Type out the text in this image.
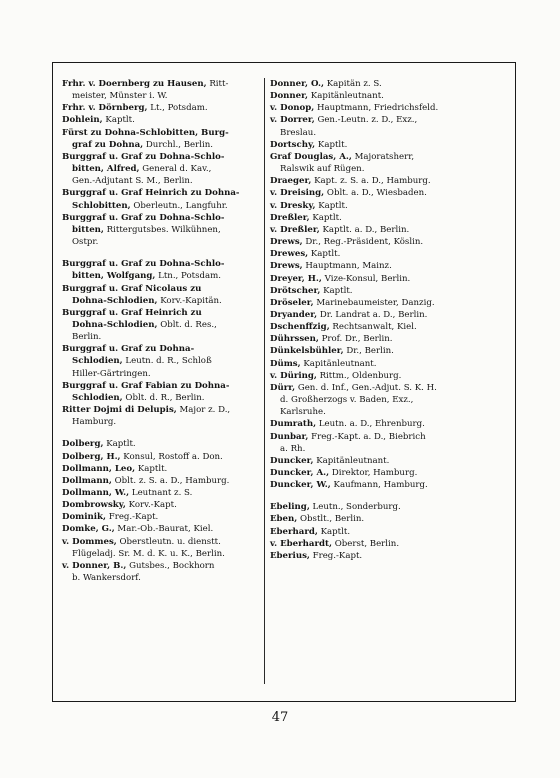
Frhr. v. Doernberg zu Hausen, Ritt-
meister, Münster i. W.
Frhr. v. Dörnberg, Lt., Potsdam.
Dohlein, Kaptlt.
Fürst zu Dohna-Schlobitten, Burg-
graf zu Dohna, Durchl., Berlin.
Burggraf u. Graf zu Dohna-Schlo-
bitten, Alfred, General d. Kav.,
Gen.-Adjutant S. M., Berlin.
Burggraf u. Graf Heinrich zu Dohna-
Schlobitten, Oberleutn., Langfuhr.
Burggraf u. Graf zu Dohna-Schlo-
bitten, Rittergutsbes. Wilkühnen,
Ostpr.
Burggraf u. Graf zu Dohna-Schlo-
bitten, Wolfgang, Ltn., Potsdam.
Burggraf u. Graf Nicolaus zu
Dohna-Schlodien, Korv.-Kapitän.
Burggraf u. Graf Heinrich zu
Dohna-Schlodien, Oblt. d. Res.,
Berlin.
Burggraf u. Graf zu Dohna-
Schlodien, Leutn. d. R., Schloß
Hiller-Gärtringen.
Burggraf u. Graf Fabian zu Dohna-
Schlodien, Oblt. d. R., Berlin.
Ritter Dojmi di Delupis, Major z. D.,
Hamburg.
Dolberg, Kaptlt.
Dolberg, H., Konsul, Rostoff a. Don.
Dollmann, Leo, Kaptlt.
Dollmann, Oblt. z. S. a. D., Hamburg.
Dollmann, W., Leutnant z. S.
Dombrowsky, Korv.-Kapt.
Dominik, Freg.-Kapt.
Domke, G., Mar.-Ob.-Baurat, Kiel.
v. Dommes, Oberstleutn. u. dienstt.
Flügeladj. Sr. M. d. K. u. K., Berlin.
v. Donner, B., Gutsbes., Bockhorn
b. Wankersdorf.
Donner, O., Kapitän z. S.
Donner, Kapitänleutnant.
v. Donop, Hauptmann, Friedrichsfeld.
v. Dorrer, Gen.-Leutn. z. D., Exz.,
Breslau.
Dortschy, Kaptlt.
Graf Douglas, A., Majoratsherr,
Ralswik auf Rügen.
Draeger, Kapt. z. S. a. D., Hamburg.
v. Dreising, Oblt. a. D., Wiesbaden.
v. Dresky, Kaptlt.
Dreßler, Kaptlt.
v. Dreßler, Kaptlt. a. D., Berlin.
Drews, Dr., Reg.-Präsident, Köslin.
Drewes, Kaptlt.
Drews, Hauptmann, Mainz.
Dreyer, H., Vize-Konsul, Berlin.
Drötscher, Kaptlt.
Dröseler, Marinebaumeister, Danzig.
Dryander, Dr. Landrat a. D., Berlin.
Dschenffzig, Rechtsanwalt, Kiel.
Dührssen, Prof. Dr., Berlin.
Dünkelsbühler, Dr., Berlin.
Düms, Kapitänleutnant.
v. Düring, Rittm., Oldenburg.
Dürr, Gen. d. Inf., Gen.-Adjut. S. K. H.
d. Großherzogs v. Baden, Exz.,
Karlsruhe.
Dumrath, Leutn. a. D., Ehrenburg.
Dunbar, Freg.-Kapt. a. D., Biebrich
a. Rh.
Duncker, Kapitänleutnant.
Duncker, A., Direktor, Hamburg.
Duncker, W., Kaufmann, Hamburg.
Ebeling, Leutn., Sonderburg.
Eben, Obstlt., Berlin.
Eberhard, Kaptlt.
v. Eberhardt, Oberst, Berlin.
Eberius, Freg.-Kapt.
47
